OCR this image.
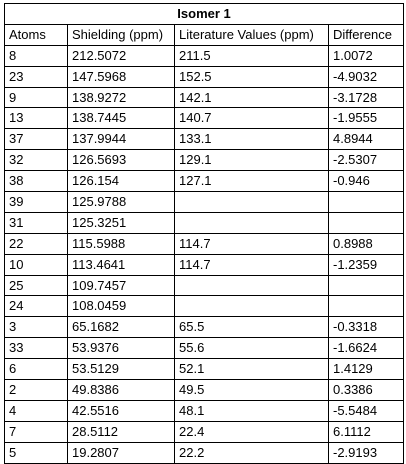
Isomer 1			
Atoms	Shielding (ppm)	Literature Values (ppm)	Difference
8	212.5072	211.5	1.0072
23	147.5968	152.5	-4.9032
9	138.9272	142.1	-3.1728
13	138.7445	140.7	-1.9555
37	137.9944	133.1	4.8944
32	126.5693	129.1	-2.5307
38	126.154	127.1	-0.946
39	125.9788		
31	125.3251		
22	115.5988	114.7	0.8988
10	113.4641	114.7	-1.2359
25	109.7457		
24	108.0459		
3	65.1682	65.5	-0.3318
33	53.9376	55.6	-1.6624
6	53.5129	52.1	1.4129
2	49.8386	49.5	0.3386
4	42.5516	48.1	-5.5484
7	28.5112	22.4	6.1112
5	19.2807	22.2	-2.9193
